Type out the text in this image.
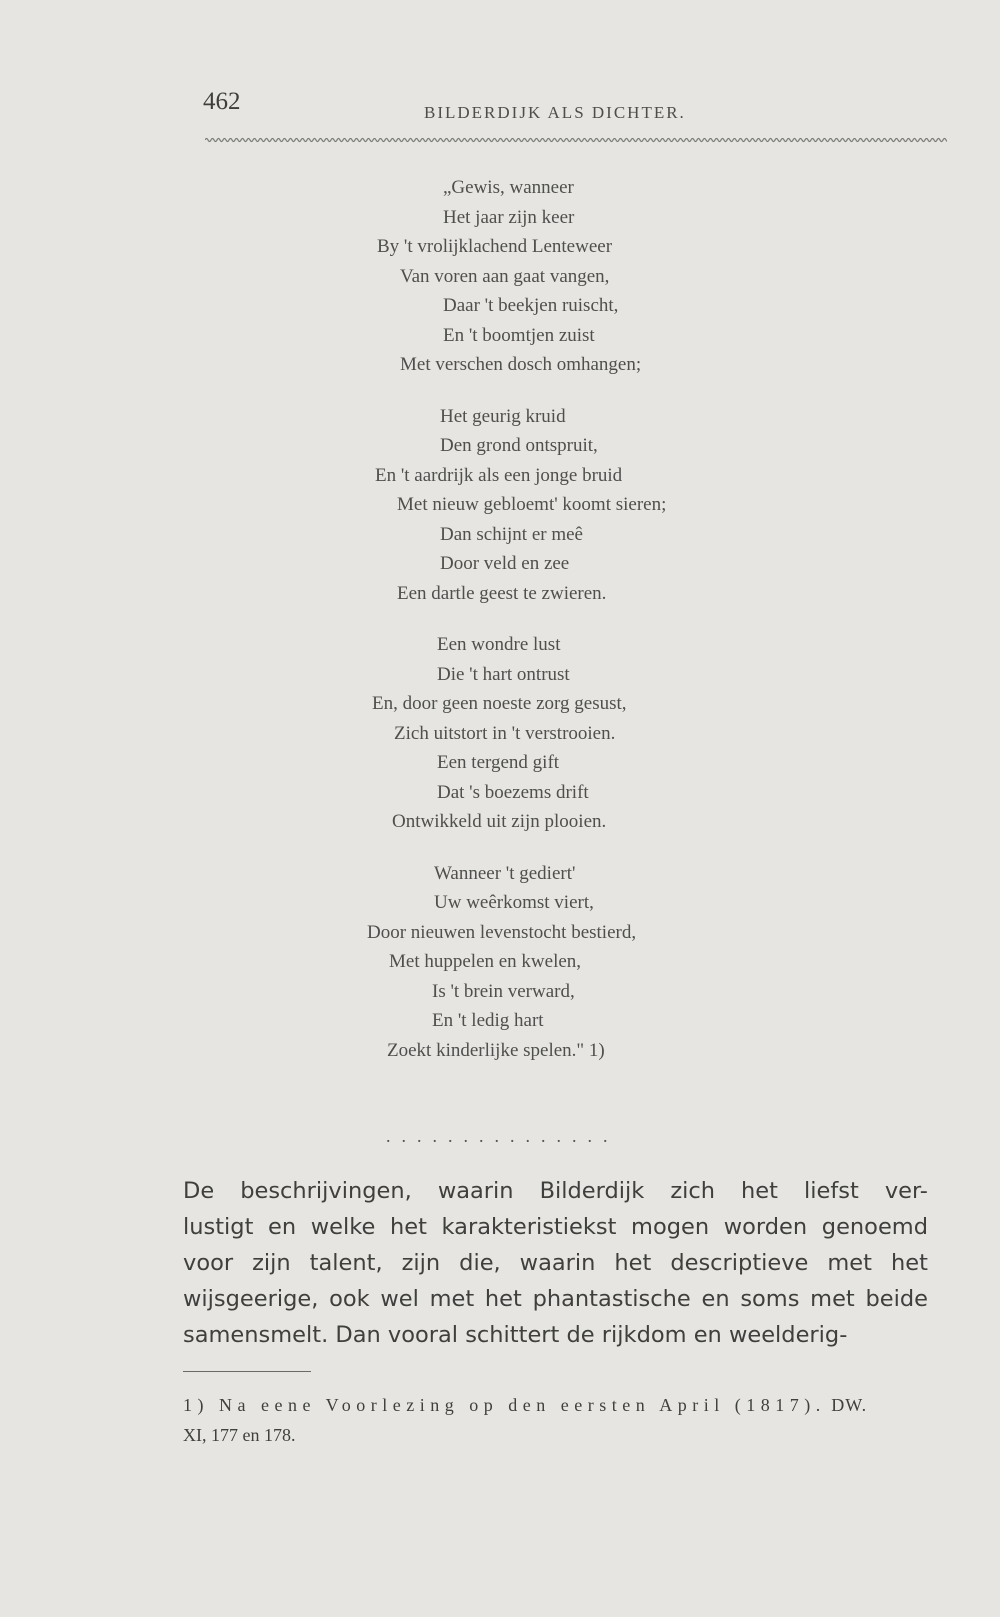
462	BILDERDIJK ALS DICHTER.
„Gewis, wanneer
Het jaar zijn keer
By 't vrolijklachend Lenteweer
Van voren aan gaat vangen,
Daar 't beekjen ruischt,
En 't boomtjen zuist
Met verschen dosch omhangen;
Het geurig kruid
Den grond ontspruit,
En 't aardrijk als een jonge bruid
Met nieuw gebloemt' koomt sieren;
Dan schijnt er meê
Door veld en zee
Een dartle geest te zwieren.
Een wondre lust
Die 't hart ontrust
En, door geen noeste zorg gesust,
Zich uitstort in 't verstrooien.
Een tergend gift
Dat 's boezems drift
Ontwikkeld uit zijn plooien.
Wanneer 't gediert'
Uw weêrkomst viert,
Door nieuwen levenstocht bestierd,
Met huppelen en kwelen,
Is 't brein verward,
En 't ledig hart
Zoekt kinderlijke spelen." 1)
...............
De beschrijvingen, waarin Bilderdijk zich het liefst ver-
lustigt en welke het karakteristiekst mogen worden genoemd
voor zijn talent, zijn die, waarin het descriptieve met het
wijsgeerige, ook wel met het phantastische en soms met beide
samensmelt. Dan vooral schittert de rijkdom en weelderig-
1) Na eene Voorlezing op den eersten April (1817). DW.
XI, 177 en 178.
